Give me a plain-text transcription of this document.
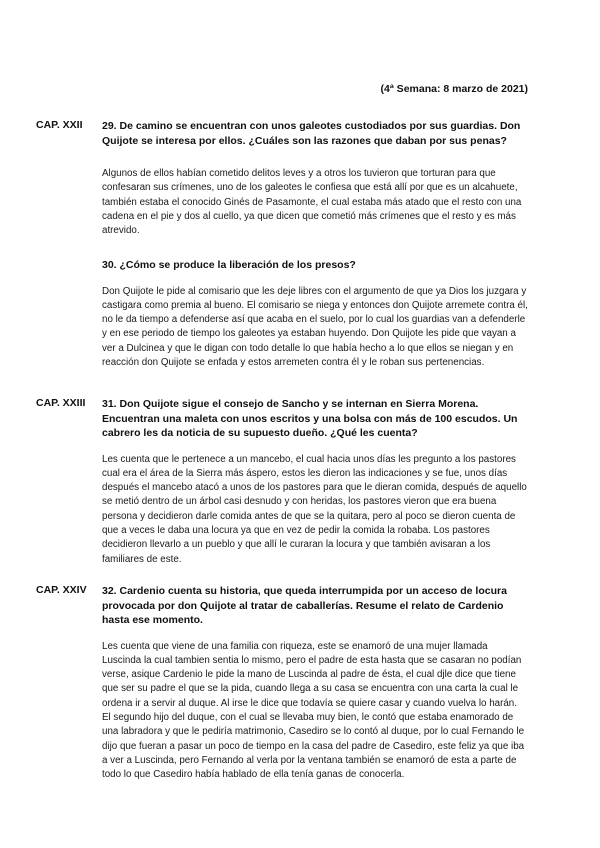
(4ª Semana: 8 marzo de 2021)
CAP. XXII 29. De camino se encuentran con unos galeotes custodiados por sus guardias. Don Quijote se interesa por ellos. ¿Cuáles son las razones que daban por sus penas?

Algunos de ellos habían cometido delitos leves y a otros los tuvieron que torturan para que confesaran sus crímenes, uno de los galeotes le confiesa que está allí por que es un alcahuete, también estaba el conocido Ginés de Pasamonte, el cual estaba más atado que el resto con una cadena en el pie y dos al cuello, ya que dicen que cometió más crímenes que el resto y es más atrevido.

30. ¿Cómo se produce la liberación de los presos?

Don Quijote le pide al comisario que les deje libres con el argumento de que ya Dios los juzgara y castigara como premia al bueno. El comisario se niega y entonces don Quijote arremete contra él, no le da tiempo a defenderse así que acaba en el suelo, por lo cual los guardias van a defenderle y en ese periodo de tiempo los galeotes ya estaban huyendo. Don Quijote les pide que vayan a ver a Dulcinea y que le digan con todo detalle lo que había hecho a lo que ellos se niegan y en reacción don Quijote se enfada y estos arremeten contra él y le roban sus pertenencias.

CAP. XXIII 31. Don Quijote sigue el consejo de Sancho y se internan en Sierra Morena. Encuentran una maleta con unos escritos y una bolsa con más de 100 escudos. Un cabrero les da noticia de su supuesto dueño. ¿Qué les cuenta?

Les cuenta que le pertenece a un mancebo, el cual hacia unos días les pregunto a los pastores cual era el área de la Sierra más áspero, estos les dieron las indicaciones y se fue, unos días después el mancebo atacó a unos de los pastores para que le dieran comida, después de aquello se metió dentro de un árbol casi desnudo y con heridas, los pastores vieron que era buena persona y decidieron darle comida antes de que se la quitara, pero al poco se dieron cuenta de que a veces le daba una locura ya que en vez de pedir la comida la robaba. Los pastores decidieron llevarlo a un pueblo y que allí le curaran la locura y que también avisaran a los familiares de este.

CAP. XXIV 32. Cardenio cuenta su historia, que queda interrumpida por un acceso de locura provocada por don Quijote al tratar de caballerías. Resume el relato de Cardenio hasta ese momento.

Les cuenta que viene de una familia con riqueza, este se enamoró de una mujer llamada Luscinda la cual tambien sentia lo mismo, pero el padre de esta hasta que se casaran no podían verse, asique Cardenio le pide la mano de Luscinda al padre de ésta, el cual djle dice que tiene que ser su padre el que se la pida, cuando llega a su casa se encuentra con una carta la cual le ordena ir a servir al duque. Al irse le dice que todavía se quiere casar y cuando vuelva lo harán. El segundo hijo del duque, con el cual se llevaba muy bien, le contó que estaba enamorado de una labradora y que le pediría matrimonio, Casediro se lo contó al duque, por lo cual Fernando le dijo que fueran a pasar un poco de tiempo en la casa del padre de Casediro, este feliz ya que iba a ver a Luscinda, pero Fernando al verla por la ventana también se enamoró de esta a parte de todo lo que Casediro había hablado de ella tenía ganas de conocerla.
